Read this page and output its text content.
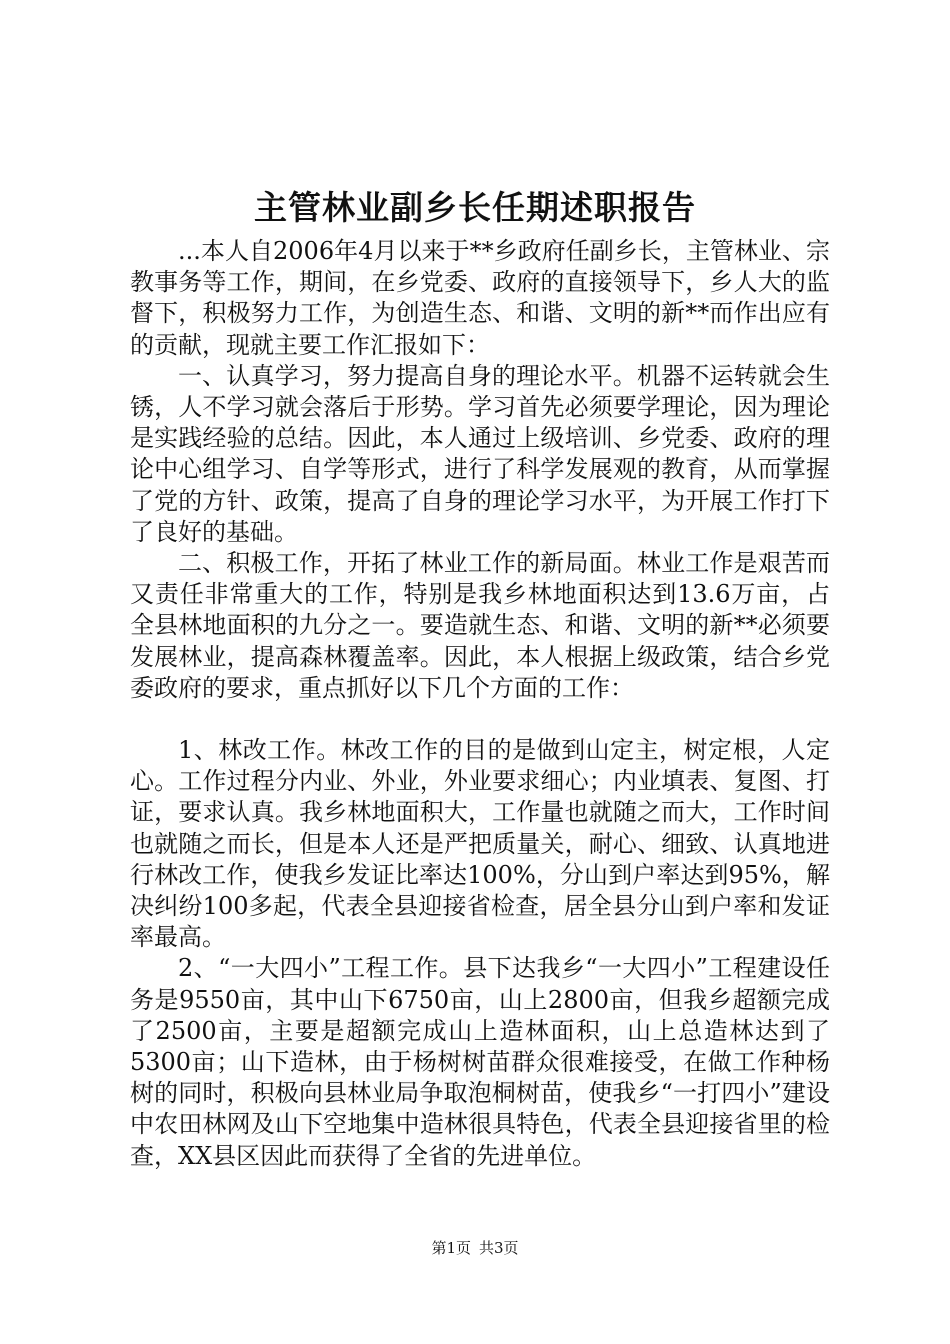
主管林业副乡长任期述职报告

...本人自2006年4月以来于**乡政府任副乡长，主管林业、宗教事务等工作，期间，在乡党委、政府的直接领导下，乡人大的监督下，积极努力工作，为创造生态、和谐、文明的新**而作出应有的贡献，现就主要工作汇报如下：

一、认真学习，努力提高自身的理论水平。机器不运转就会生锈，人不学习就会落后于形势。学习首先必须要学理论，因为理论是实践经验的总结。因此，本人通过上级培训、乡党委、政府的理论中心组学习、自学等形式，进行了科学发展观的教育，从而掌握了党的方针、政策，提高了自身的理论学习水平，为开展工作打下了良好的基础。

二、积极工作，开拓了林业工作的新局面。林业工作是艰苦而又责任非常重大的工作，特别是我乡林地面积达到13.6万亩，占全县林地面积的九分之一。要造就生态、和谐、文明的新**必须要发展林业，提高森林覆盖率。因此，本人根据上级政策，结合乡党委政府的要求，重点抓好以下几个方面的工作：

1、林改工作。林改工作的目的是做到山定主，树定根，人定心。工作过程分内业、外业，外业要求细心；内业填表、复图、打证，要求认真。我乡林地面积大，工作量也就随之而大，工作时间也就随之而长，但是本人还是严把质量关，耐心、细致、认真地进行林改工作，使我乡发证比率达100%，分山到户率达到95%，解决纠纷100多起，代表全县迎接省检查，居全县分山到户率和发证率最高。

2、“一大四小”工程工作。县下达我乡“一大四小”工程建设任务是9550亩，其中山下6750亩，山上2800亩，但我乡超额完成了2500亩，主要是超额完成山上造林面积，山上总造林达到了5300亩；山下造林，由于杨树树苗群众很难接受，在做工作种杨树的同时，积极向县林业局争取泡桐树苗，使我乡“一打四小”建设中农田林网及山下空地集中造林很具特色，代表全县迎接省里的检查，XX县区因此而获得了全省的先进单位。

第1页 共3页
